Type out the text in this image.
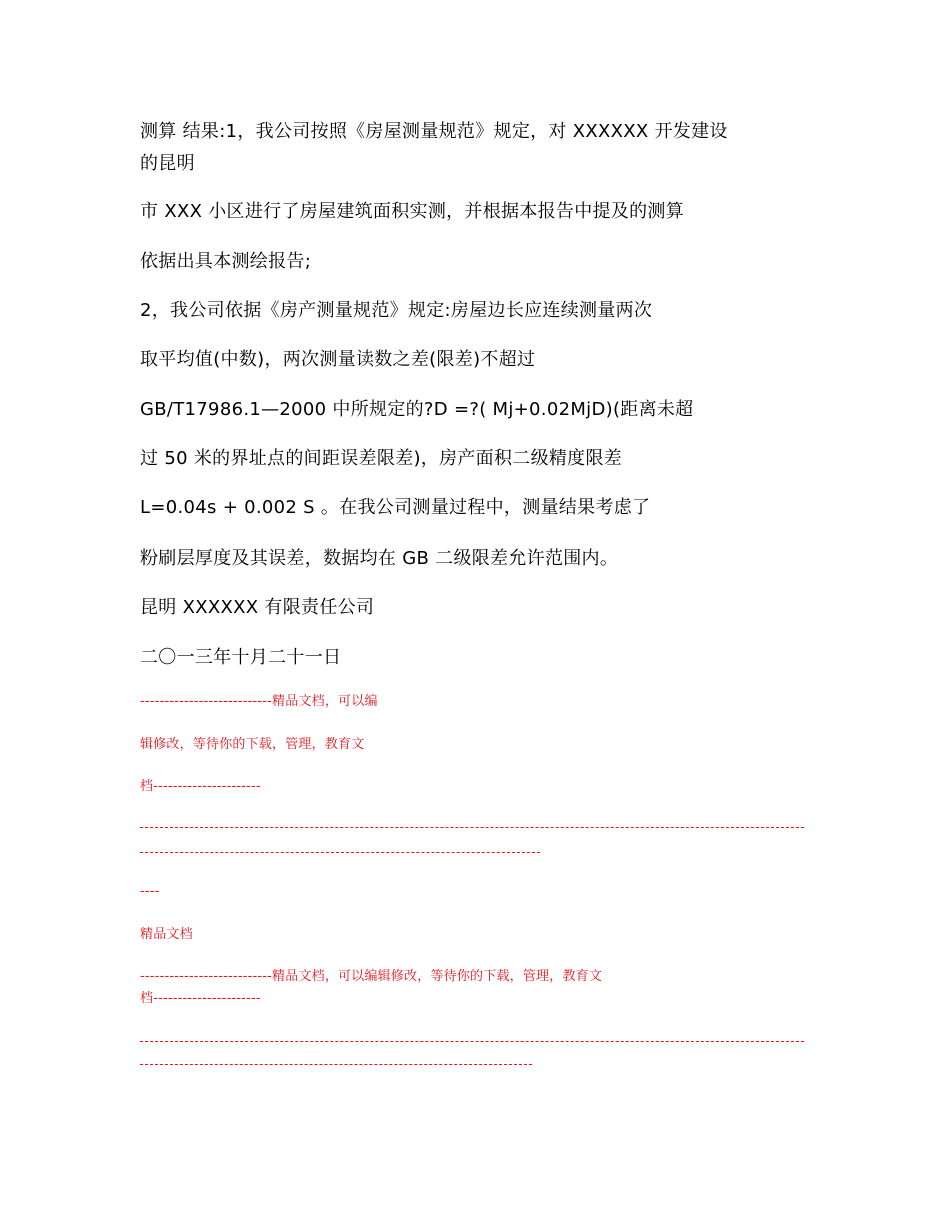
测算 结果:1，我公司按照《房屋测量规范》规定，对 XXXXXX 开发建设

的昆明

市 XXX 小区进行了房屋建筑面积实测，并根据本报告中提及的测算

依据出具本测绘报告;

2，我公司依据《房产测量规范》规定:房屋边长应连续测量两次

取平均值(中数)，两次测量读数之差(限差)不超过

GB/T17986.1—2000 中所规定的?D =?( Mj+0.02MjD)(距离未超

过 50 米的界址点的间距误差限差)，房产面积二级精度限差

L=0.04s + 0.002 S 。在我公司测量过程中，测量结果考虑了

粉刷层厚度及其误差，数据均在 GB 二级限差允许范围内。

昆明 XXXXXX 有限责任公司

二〇一三年十月二十一日

---------------------------精品文档，可以编

辑修改，等待你的下载，管理，教育文

档----------------------

----

精品文档

---------------------------精品文档，可以编辑修改，等待你的下载，管理，教育文

档----------------------
